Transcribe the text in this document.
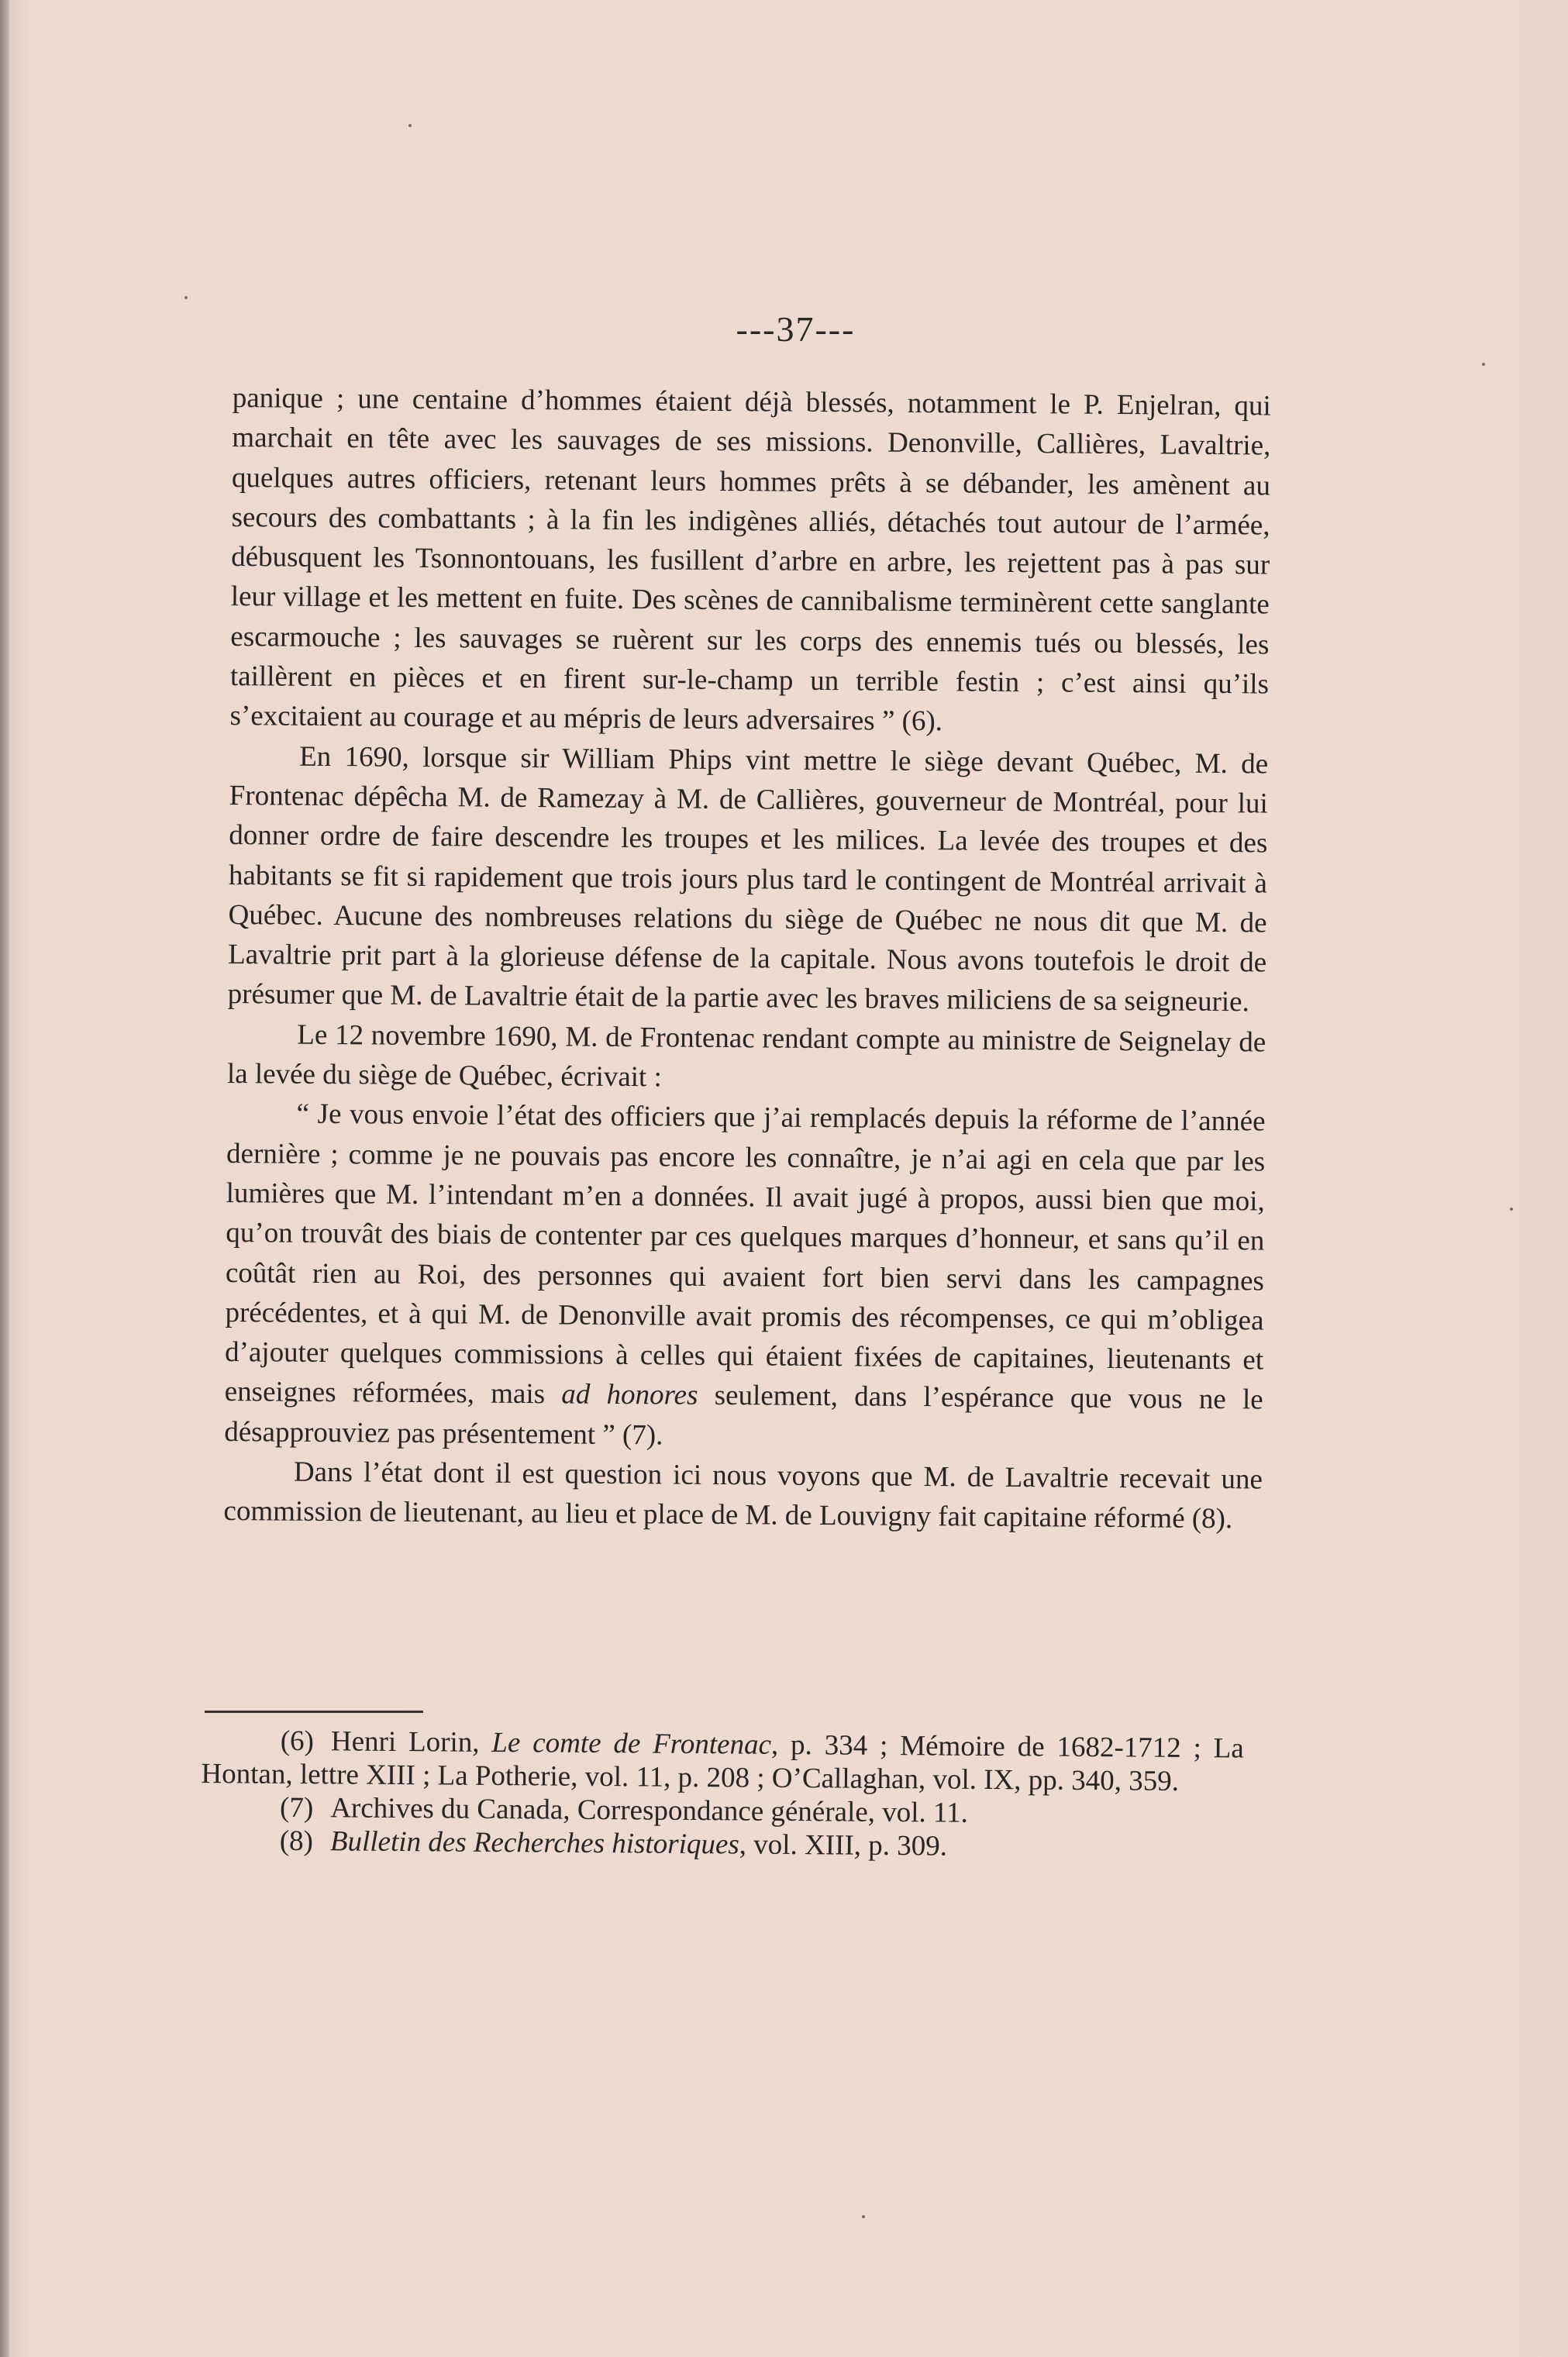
---37---

panique ; une centaine d’hommes étaient déjà blessés, notamment le P. Enjelran, qui marchait en tête avec les sauvages de ses missions. Denonville, Callières, Lavaltrie, quelques autres officiers, retenant leurs hommes prêts à se débander, les amènent au secours des combattants ; à la fin les indigènes alliés, détachés tout autour de l’armée, débusquent les Tsonnontouans, les fusillent d’arbre en arbre, les rejettent pas à pas sur leur village et les mettent en fuite. Des scènes de cannibalisme terminèrent cette sanglante escarmouche ; les sauvages se ruèrent sur les corps des ennemis tués ou blessés, les taillèrent en pièces et en firent sur-le-champ un terrible festin ; c’est ainsi qu’ils s’excitaient au courage et au mépris de leurs adversaires ” (6).

En 1690, lorsque sir William Phips vint mettre le siège devant Québec, M. de Frontenac dépêcha M. de Ramezay à M. de Callières, gouverneur de Montréal, pour lui donner ordre de faire descendre les troupes et les milices. La levée des troupes et des habitants se fit si rapidement que trois jours plus tard le contingent de Montréal arrivait à Québec. Aucune des nombreuses relations du siège de Québec ne nous dit que M. de Lavaltrie prit part à la glorieuse défense de la capitale. Nous avons toutefois le droit de présumer que M. de Lavaltrie était de la partie avec les braves miliciens de sa seigneurie.

Le 12 novembre 1690, M. de Frontenac rendant compte au ministre de Seignelay de la levée du siège de Québec, écrivait :

“ Je vous envoie l’état des officiers que j’ai remplacés depuis la réforme de l’année dernière ; comme je ne pouvais pas encore les connaître, je n’ai agi en cela que par les lumières que M. l’intendant m’en a données. Il avait jugé à propos, aussi bien que moi, qu’on trouvât des biais de contenter par ces quelques marques d’honneur, et sans qu’il en coûtât rien au Roi, des personnes qui avaient fort bien servi dans les campagnes précédentes, et à qui M. de Denonville avait promis des récompenses, ce qui m’obligea d’ajouter quelques commissions à celles qui étaient fixées de capitaines, lieutenants et enseignes réformées, mais ad honores seulement, dans l’espérance que vous ne le désapprouviez pas présentement ” (7).

Dans l’état dont il est question ici nous voyons que M. de Lavaltrie recevait une commission de lieutenant, au lieu et place de M. de Louvigny fait capitaine réformé (8).

(6) Henri Lorin, Le comte de Frontenac, p. 334 ; Mémoire de 1682-1712 ; La Hontan, lettre XIII ; La Potherie, vol. 11, p. 208 ; O’Callaghan, vol. IX, pp. 340, 359.

(7) Archives du Canada, Correspondance générale, vol. 11.

(8) Bulletin des Recherches historiques, vol. XIII, p. 309.
